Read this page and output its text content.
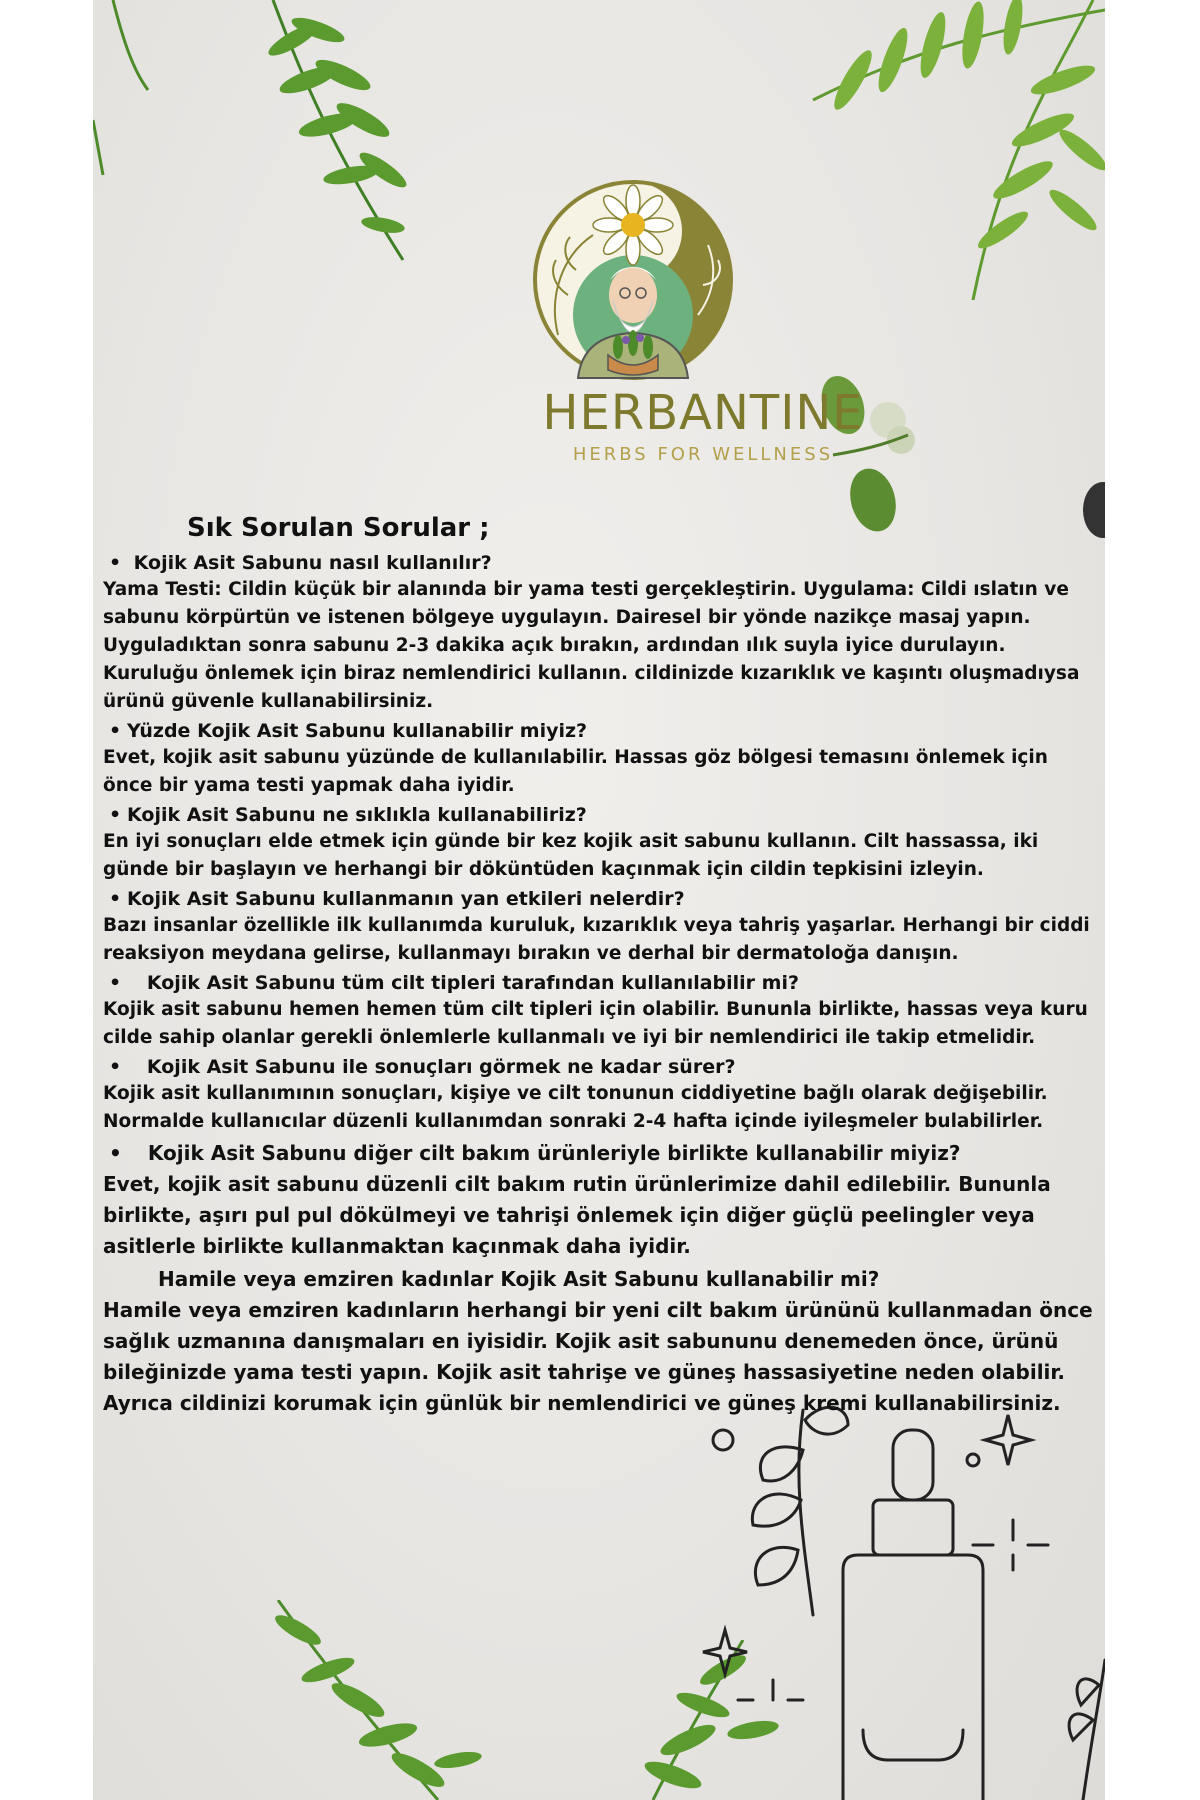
HERBANTINE
HERBS FOR WELLNESS
Sık Sorulan Sorular ;

• Kojik Asit Sabunu nasıl kullanılır?

Yama Testi: Cildin küçük bir alanında bir yama testi gerçekleştirin. Uygulama: Cildi ıslatın ve sabunu körpürtün ve istenen bölgeye uygulayın. Dairesel bir yönde nazikçe masaj yapın. Uyguladıktan sonra sabunu 2-3 dakika açık bırakın, ardından ılık suyla iyice durulayın. Kuruluğu önlemek için biraz nemlendirici kullanın. cildinizde kızarıklık ve kaşıntı oluşmadıysa ürünü güvenle kullanabilirsiniz.

• Yüzde Kojik Asit Sabunu kullanabilir miyiz?

Evet, kojik asit sabunu yüzünde de kullanılabilir. Hassas göz bölgesi temasını önlemek için önce bir yama testi yapmak daha iyidir.

• Kojik Asit Sabunu ne sıklıkla kullanabiliriz?

En iyi sonuçları elde etmek için günde bir kez kojik asit sabunu kullanın. Cilt hassassa, iki günde bir başlayın ve herhangi bir döküntüden kaçınmak için cildin tepkisini izleyin.

• Kojik Asit Sabunu kullanmanın yan etkileri nelerdir?

Bazı insanlar özellikle ilk kullanımda kuruluk, kızarıklık veya tahriş yaşarlar. Herhangi bir ciddi reaksiyon meydana gelirse, kullanmayı bırakın ve derhal bir dermatoloğa danışın.

• Kojik Asit Sabunu tüm cilt tipleri tarafından kullanılabilir mi?

Kojik asit sabunu hemen hemen tüm cilt tipleri için olabilir. Bununla birlikte, hassas veya kuru cilde sahip olanlar gerekli önlemlerle kullanmalı ve iyi bir nemlendirici ile takip etmelidir.

• Kojik Asit Sabunu ile sonuçları görmek ne kadar sürer?

Kojik asit kullanımının sonuçları, kişiye ve cilt tonunun ciddiyetine bağlı olarak değişebilir. Normalde kullanıcılar düzenli kullanımdan sonraki 2-4 hafta içinde iyileşmeler bulabilirler.

• Kojik Asit Sabunu diğer cilt bakım ürünleriyle birlikte kullanabilir miyiz?

Evet, kojik asit sabunu düzenli cilt bakım rutin ürünlerimize dahil edilebilir. Bununla birlikte, aşırı pul pul dökülmeyi ve tahrişi önlemek için diğer güçlü peelingler veya asitlerle birlikte kullanmaktan kaçınmak daha iyidir.

Hamile veya emziren kadınlar Kojik Asit Sabunu kullanabilir mi?

Hamile veya emziren kadınların herhangi bir yeni cilt bakım ürününü kullanmadan önce sağlık uzmanına danışmaları en iyisidir. Kojik asit sabununu denemeden önce, ürünü bileğinizde yama testi yapın. Kojik asit tahrişe ve güneş hassasiyetine neden olabilir. Ayrıca cildinizi korumak için günlük bir nemlendirici ve güneş kremi kullanabilirsiniz.
